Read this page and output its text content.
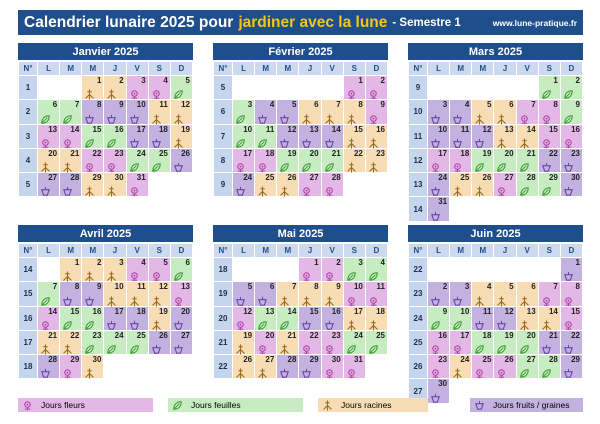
Calendrier lunaire 2025 pour jardiner avec la lune - Semestre 1	www.lune-pratique.fr
Janvier 2025
N°	L	M	M	J	V	S	D
1			1	2	3	4	5

2	6	7	8	9	10	11	12

3	13	14	15	16	17	18	19

4	20	21	22	23	24	25	26

5	27	28	29	30	31		

Février 2025
N°	L	M	M	J	V	S	D
5						1	2

6	3	4	5	6	7	8	9

7	10	11	12	13	14	15	16

8	17	18	19	20	21	22	23

9	24	25	26	27	28		

Mars 2025
N°	L	M	M	J	V	S	D
9						1	2

10	3	4	5	6	7	8	9

11	10	11	12	13	14	15	16

12	17	18	19	20	21	22	23

13	24	25	26	27	28	29	30

14	31						

Avril 2025
N°	L	M	M	J	V	S	D
14		1	2	3	4	5	6

15	7	8	9	10	11	12	13

16	14	15	16	17	18	19	20

17	21	22	23	24	25	26	27

18	28	29	30				

Mai 2025
N°	L	M	M	J	V	S	D
18				1	2	3	4

19	5	6	7	8	9	10	11

20	12	13	14	15	16	17	18

21	19	20	21	22	23	24	25

22	26	27	28	29	30	31	

Juin 2025
N°	L	M	M	J	V	S	D
22							1

23	2	3	4	5	6	7	8

24	9	10	11	12	13	14	15

25	16	17	18	19	20	21	22

26	23	24	25	26	27	28	29

27	30						

Jours fleurs	Jours feuilles	Jours racines	Jours fruits / graines
